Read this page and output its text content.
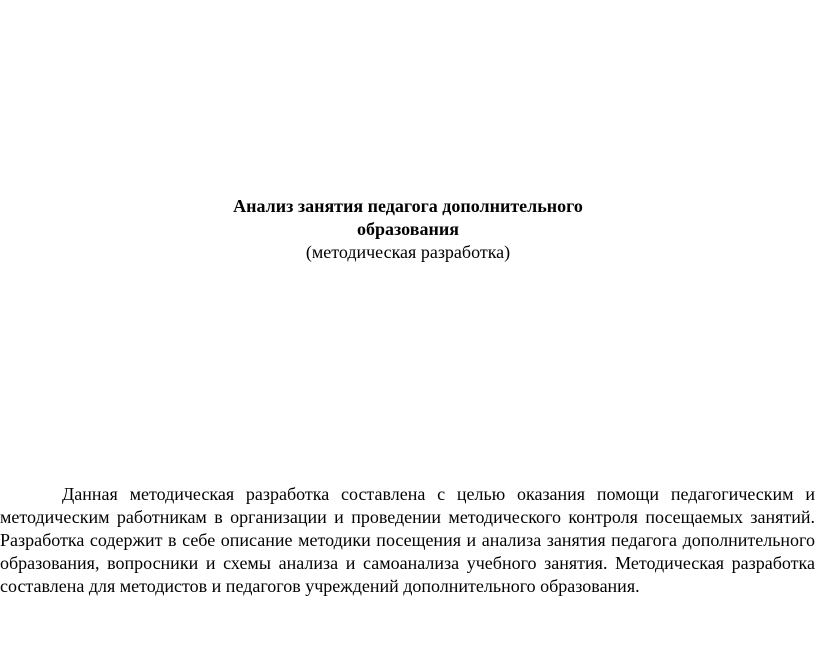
Анализ занятия педагога дополнительного

образования

(методическая разработка)

Данная методическая разработка составлена с целью оказания помощи педагогическим и методическим работникам в организации и проведении методического контроля посещаемых занятий. Разработка содержит в себе описание методики посещения и анализа занятия педагога дополнительного образования, вопросники и схемы анализа и самоанализа учебного занятия. Методическая разработка составлена для методистов и педагогов учреждений дополнительного образования.
